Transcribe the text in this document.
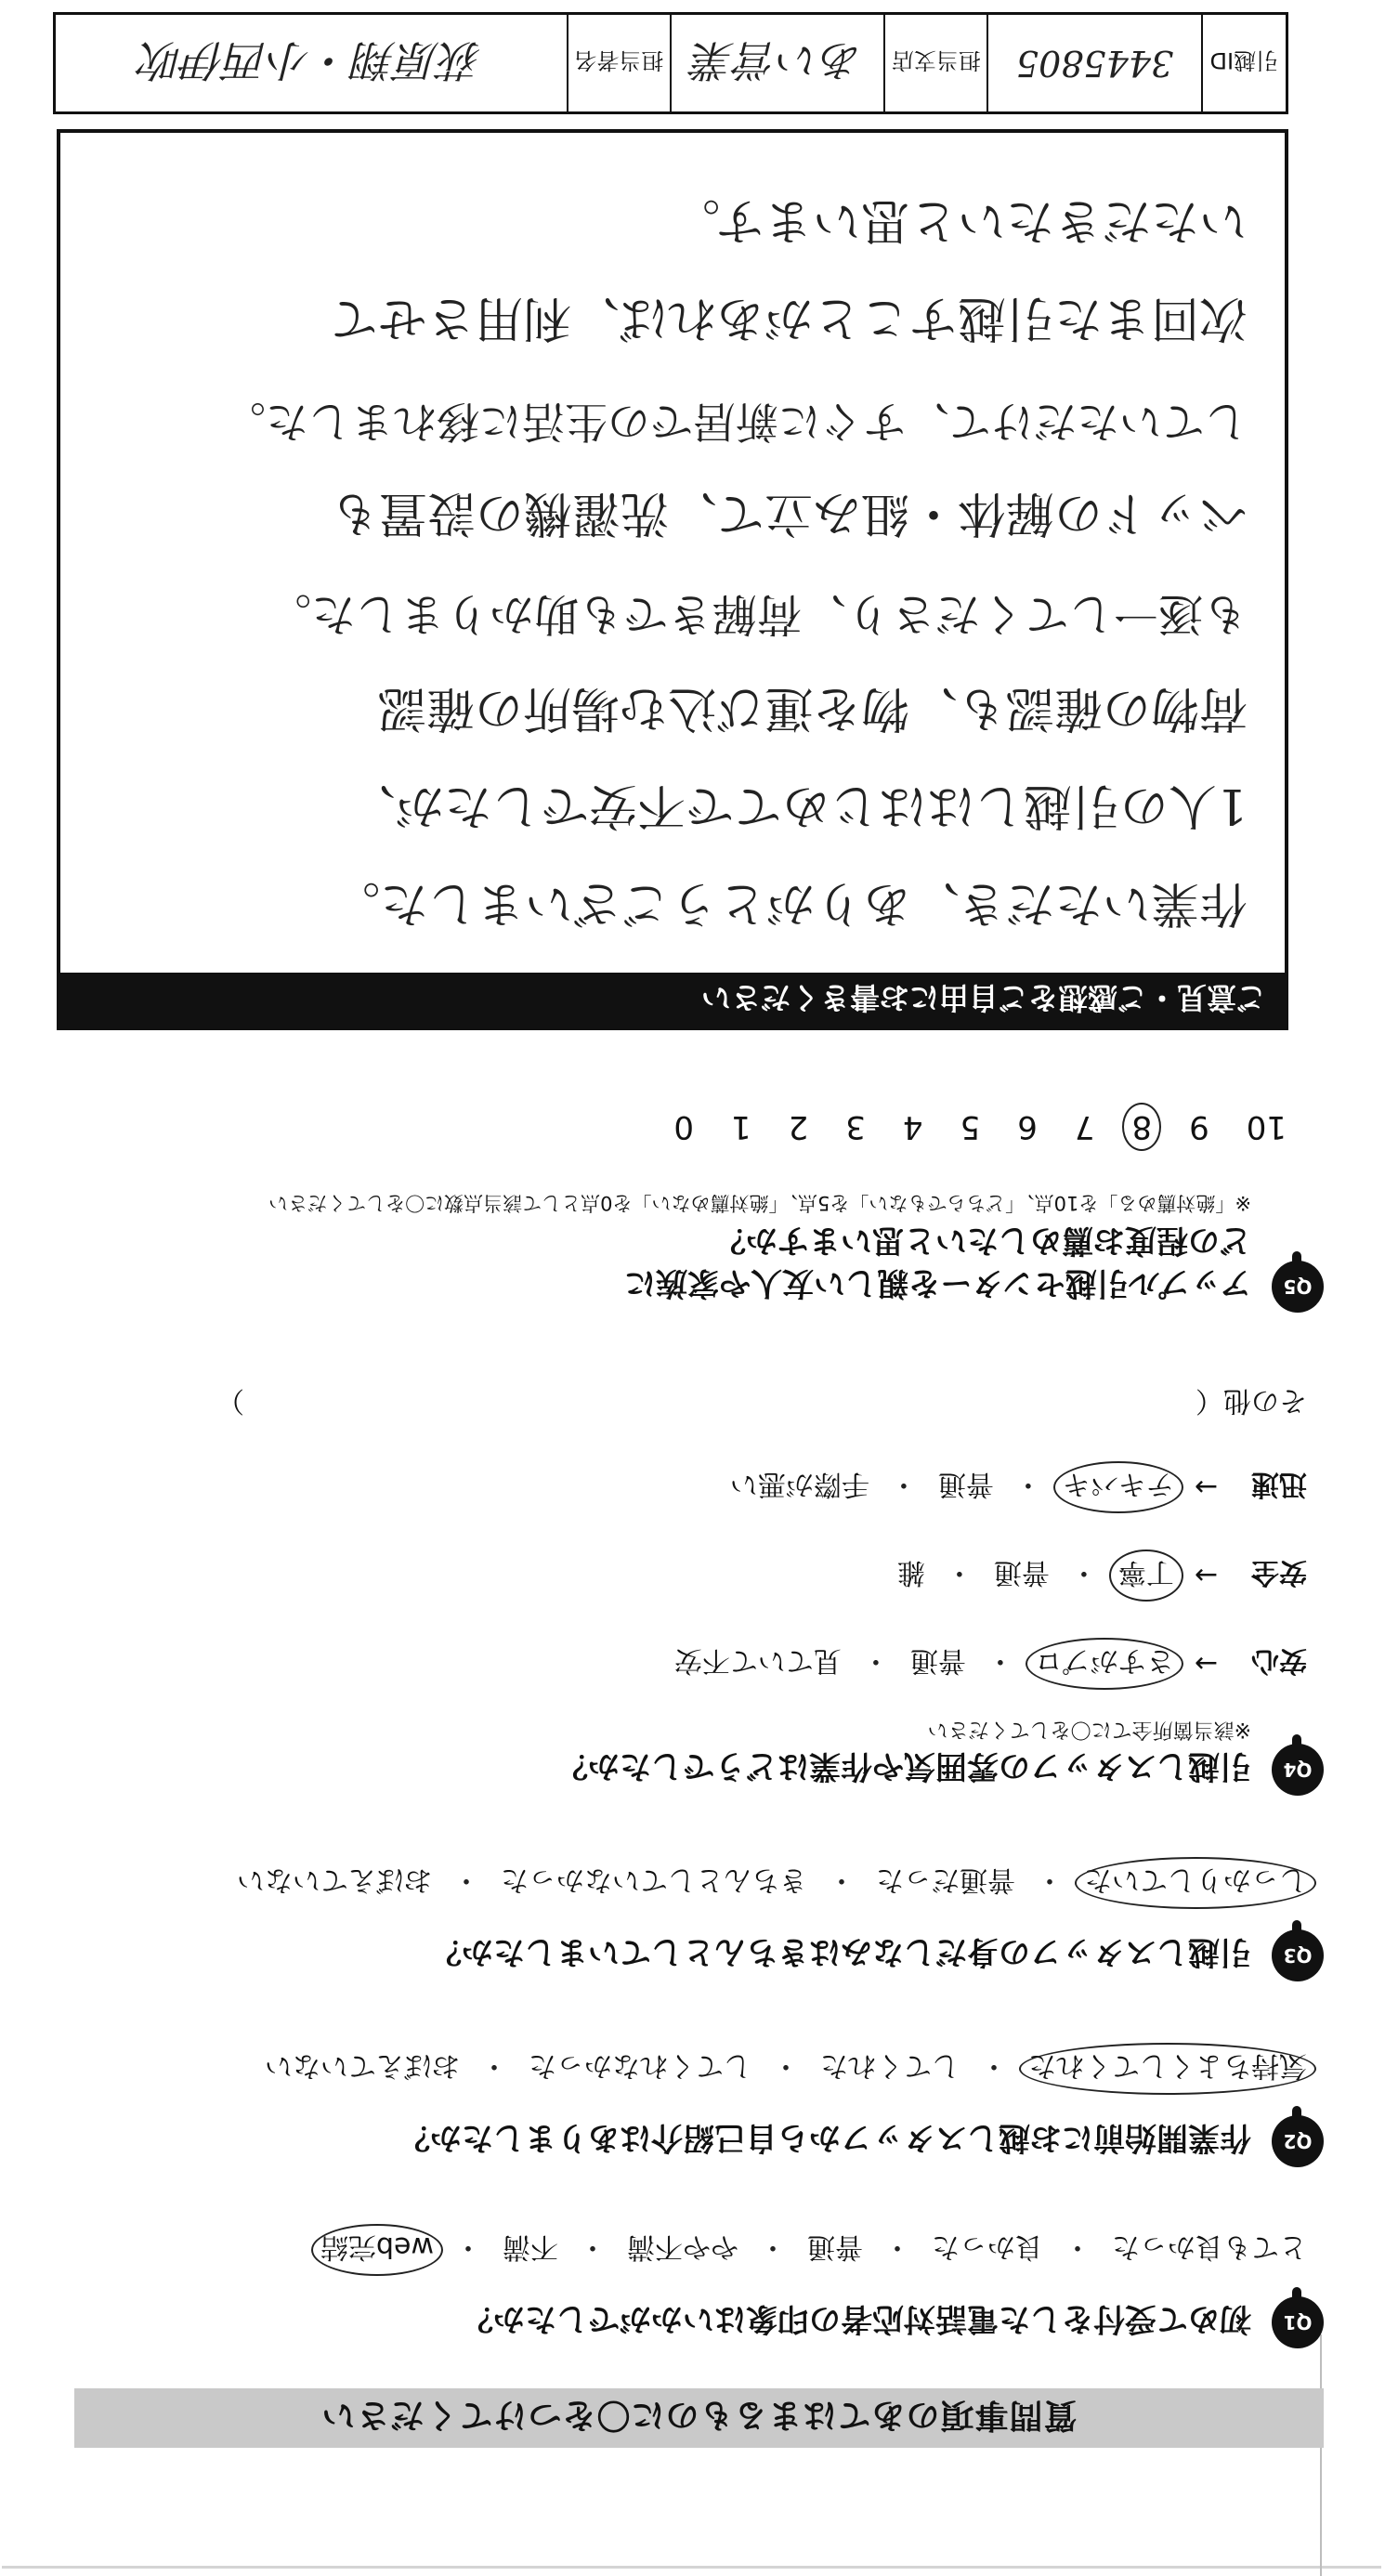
質問事項のあてはまるものに〇をつけてください
Q1
初めて受付をした電話対応者の印象はいかがでしたか？
とても良かった
・
良かった
・
普通
・
やや不満
・
不満
・
web完結
Q2
作業開始前にお越しスタッフから自己紹介はありましたか？
気持ちよくしてくれた
・
してくれた
・
してくれなかった
・
おぼえていない
Q3
引越しスタッフの身だしなみはきちんとしていましたか？
しっかりしていた
・
普通だった
・
きちんとしていなかった
・
おぼえていない
Q4
引越しスタッフの雰囲気や作業はどうでしたか？
※該当箇所全てに〇をしてください
安心
→
さすがプロ
・
普通
・
見ていて不安
安全
→
丁寧
・
普通
・
雑
迅速
→
テキパキ
・
普通
・
手際が悪い
その他（
）
Q5
アップル引越センターを親しい友人や家族に
どの程度お薦めしたいと思いますか？
※「絶対薦める」を10点、「どちらでもない」を5点、「絶対薦めない」を0点として該当点数に〇をしてください
10
9
8
7
6
5
4
3
2
1
0
ご意見・ご感想をご自由にお書きください
作業いただき、ありがとうございました。
1人の引越しははじめてで不安でしたが、
荷物の確認も、物を運び込む場所の確認
も逐一してくださり、荷解きでも助かりました。
ベッドの解体・組み立て、洗濯機の設置も
していただけて、すぐに新居での生活に移れました。
次回また引越すことがあれば、利用させて
いただきたいと思います。
引越ID
3445805
担当支店
あい営業
担当者名
荻原翔・小西伊吹
